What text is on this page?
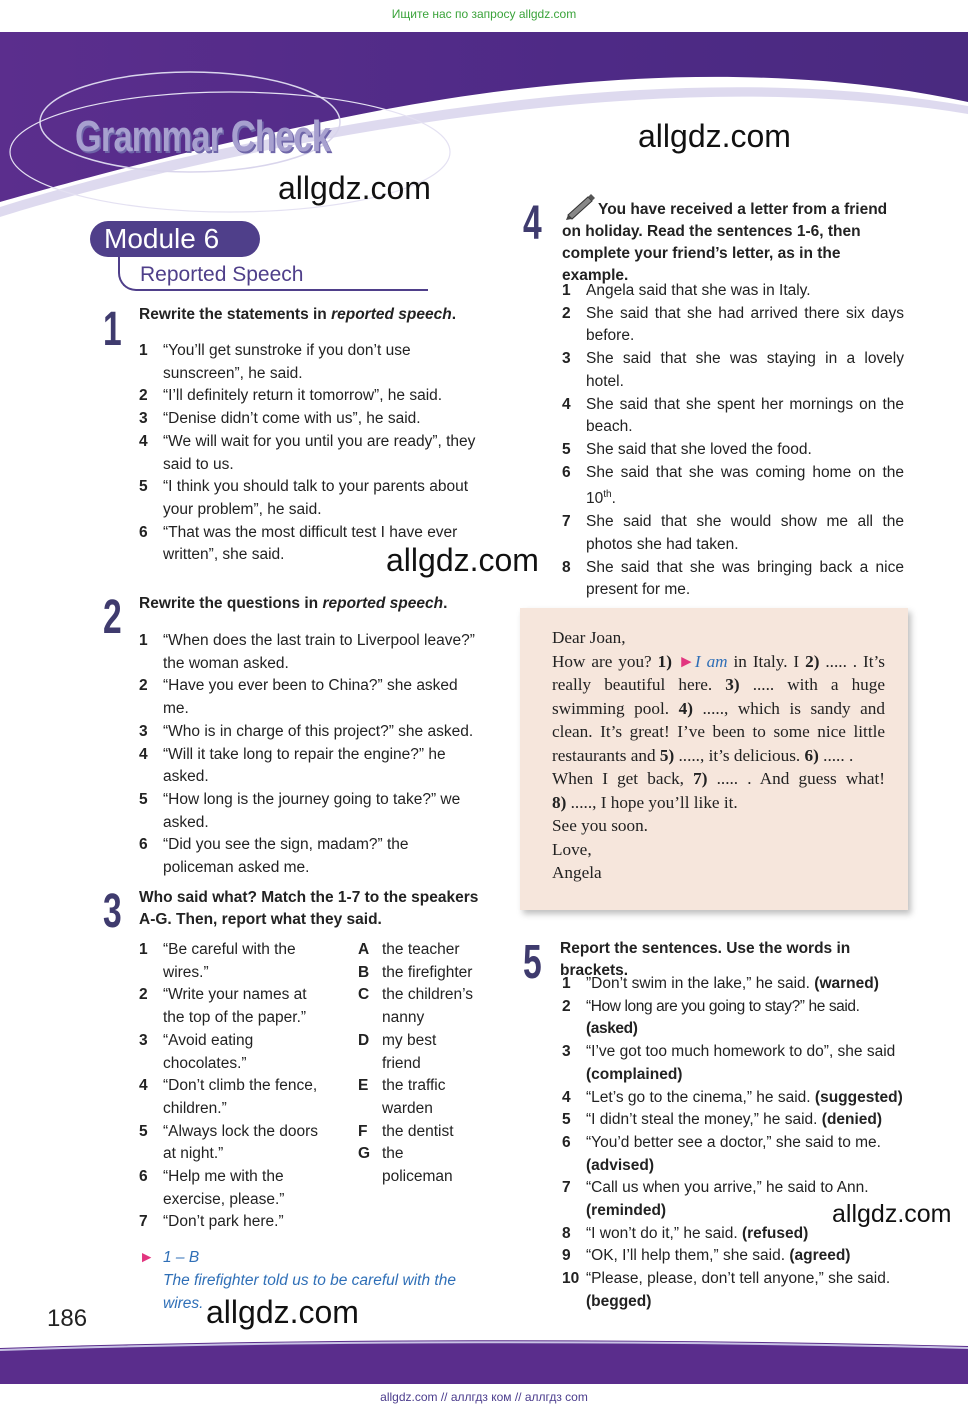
Ищите нас по запросу allgdz.com
allgdz.com // аллгдз ком // аллгдз com
Grammar Check
Module 6
Reported Speech
allgdz.com
allgdz.com
allgdz.com
allgdz.com
allgdz.com
1 Rewrite the statements in reported speech.
1 “You’ll get sunstroke if you don’t use sunscreen”, he said.
2 “I’ll definitely return it tomorrow”, he said.
3 “Denise didn’t come with us”, he said.
4 “We will wait for you until you are ready”, they said to us.
5 “I think you should talk to your parents about your problem”, he said.
6 “That was the most difficult test I have ever written”, she said.
2 Rewrite the questions in reported speech.
1 “When does the last train to Liverpool leave?” the woman asked.
2 “Have you ever been to China?” she asked me.
3 “Who is in charge of this project?” she asked.
4 “Will it take long to repair the engine?” he asked.
5 “How long is the journey going to take?” we asked.
6 “Did you see the sign, madam?” the policeman asked me.
3 Who said what? Match the 1-7 to the speakers A-G. Then, report what they said.
1 “Be careful with the wires.”
2 “Write your names at the top of the paper.”
3 “Avoid eating chocolates.”
4 “Don’t climb the fence, children.”
5 “Always lock the doors at night.”
6 “Help me with the exercise, please.”
7 “Don’t park here.”
A the teacher
B the firefighter
C the children’s nanny
D my best friend
E the traffic warden
F the dentist
G the policeman
► 1 – B
The firefighter told us to be careful with the wires.
4	You have received a letter from a friend on holiday. Read the sentences 1-6, then complete your friend’s letter, as in the example.
1 Angela said that she was in Italy.
2 She said that she had arrived there six days before.
3 She said that she was staying in a lovely hotel.
4 She said that she spent her mornings on the beach.
5 She said that she loved the food.
6 She said that she was coming home on the 10th.
7 She said that she would show me all the photos she had taken.
8 She said that she was bringing back a nice present for me.
Dear Joan,
How are you? 1) ►I am in Italy. I 2) ..... . It’s
really beautiful here. 3) ..... with a huge
swimming pool. 4) ....., which is sandy and
clean. It’s great! I’ve been to some nice little
restaurants and 5) ....., it’s delicious. 6) ..... .
When I get back, 7) ..... . And guess what!
8) ....., I hope you’ll like it.
See you soon.
Love,
Angela
5 Report the sentences. Use the words in brackets.
1 ”Don’t swim in the lake,” he said. (warned)
2 “How long are you going to stay?” he said. (asked)
3 “I’ve got too much homework to do”, she said (complained)
4 “Let’s go to the cinema,” he said. (suggested)
5 “I didn’t steal the money,” he said. (denied)
6 “You’d better see a doctor,” she said to me. (advised)
7 “Call us when you arrive,” he said to Ann. (reminded)
8 “I won’t do it,” he said. (refused)
9 “OK, I’ll help them,” she said. (agreed)
10 “Please, please, don’t tell anyone,” she said. (begged)
186
